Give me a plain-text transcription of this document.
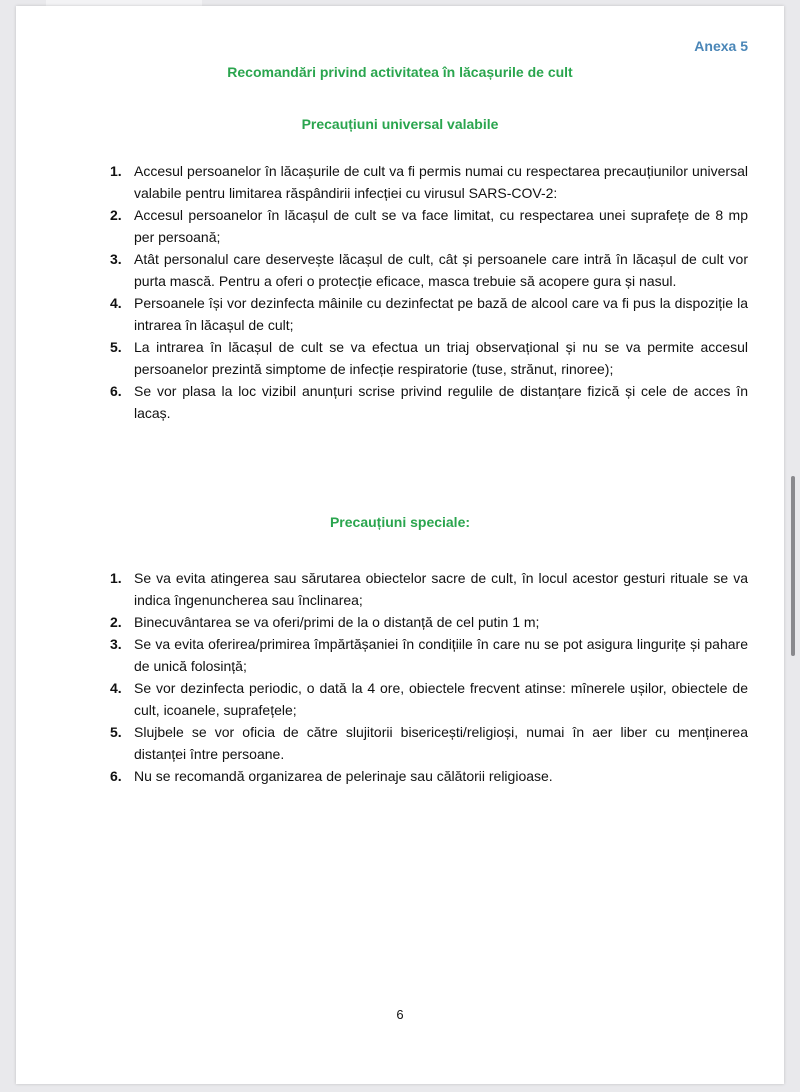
Anexa 5
Recomandări privind activitatea în lăcașurile de cult
Precauțiuni universal valabile
1. Accesul persoanelor în lăcașurile de cult va fi permis numai cu respectarea precauțiunilor universal valabile pentru limitarea răspândirii infecției cu virusul SARS-COV-2:
2. Accesul persoanelor în lăcașul de cult se va face limitat, cu respectarea unei suprafețe de 8 mp per persoană;
3. Atât personalul care deservește lăcașul de cult, cât și persoanele care intră în lăcașul de cult vor purta mască. Pentru a oferi o protecție eficace, masca trebuie să acopere gura și nasul.
4. Persoanele își vor dezinfecta mâinile cu dezinfectat pe bază de alcool care va fi pus la dispoziție la intrarea în lăcașul de cult;
5. La intrarea în lăcașul de cult se va efectua un triaj observațional și nu se va permite accesul persoanelor prezintă simptome de infecție respiratorie (tuse, strănut, rinoree);
6. Se vor plasa la loc vizibil anunțuri scrise privind regulile de distanțare fizică și cele de acces în lacaș.
Precauțiuni speciale:
1. Se va evita atingerea sau sărutarea obiectelor sacre de cult, în locul acestor gesturi rituale se va indica îngenuncherea sau înclinarea;
2. Binecuvântarea se va oferi/primi de la o distanță de cel putin 1 m;
3. Se va evita oferirea/primirea împărtășaniei în condițiile în care nu se pot asigura lingurițe și pahare de unică folosință;
4. Se vor dezinfecta periodic, o dată la 4 ore, obiectele frecvent atinse: mînerele ușilor, obiectele de cult, icoanele, suprafețele;
5. Slujbele se vor oficia de către slujitorii bisericești/religioși, numai în aer liber cu menținerea distanței între persoane.
6. Nu se recomandă organizarea de pelerinaje sau călătorii religioase.
6
